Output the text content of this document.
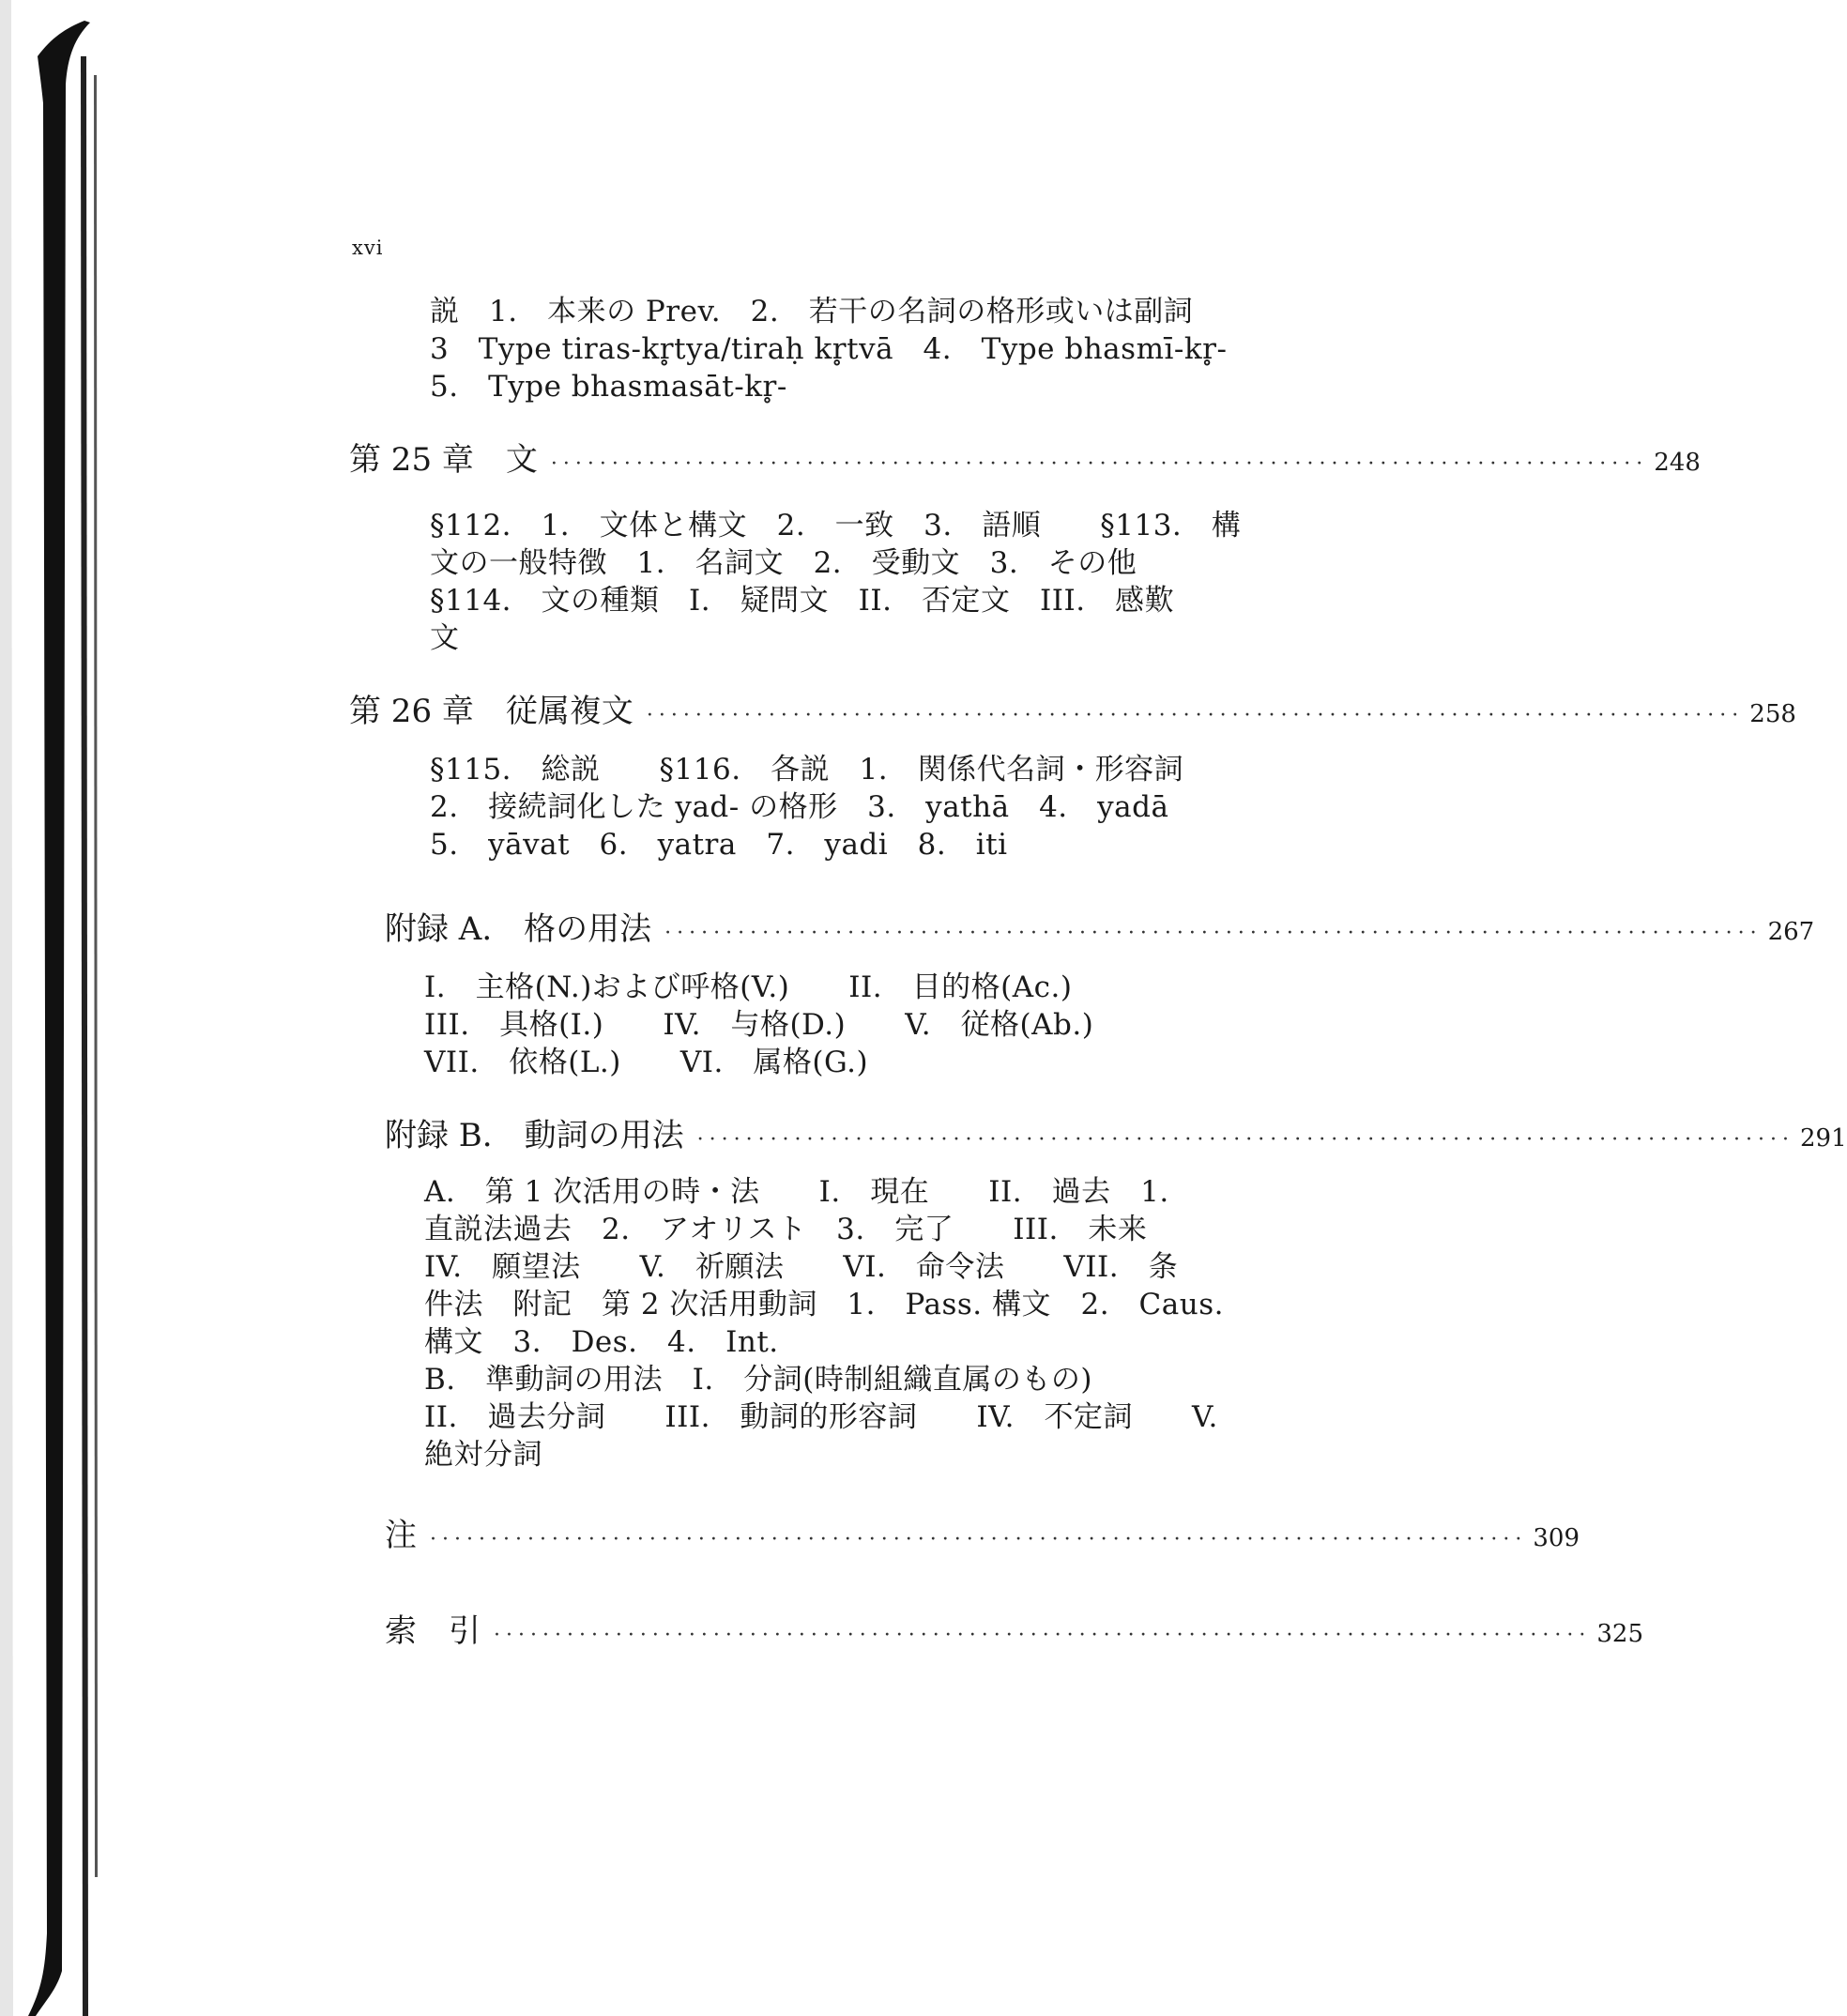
xvi
説　1.　本来の Prev.　2.　若干の名詞の格形或いは副詞
3　Type tiras-kr̥tya/tiraḥ kr̥tvā　4.　Type bhasmī-kr̥-
5.　Type bhasmasāt-kr̥-
第 25 章　文 ·························································································· 248
§112.　1.　文体と構文　2.　一致　3.　語順　　§113.　構
文の一般特徴　1.　名詞文　2.　受動文　3.　その他
§114.　文の種類　I.　疑問文　II.　否定文　III.　感歎
文
第 26 章　従属複文 ·························································································· 258
§115.　総説　　§116.　各説　1.　関係代名詞・形容詞
2.　接続詞化した yad- の格形　3.　yathā　4.　yadā
5.　yāvat　6.　yatra　7.　yadi　8.　iti
附録 A.　格の用法 ·························································································· 267
I.　主格(N.)および呼格(V.)　　II.　目的格(Ac.)
III.　具格(I.)　　IV.　与格(D.)　　V.　従格(Ab.)
VII.　依格(L.)　　VI.　属格(G.)
附録 B.　動詞の用法 ·························································································· 291
A.　第 1 次活用の時・法　　I.　現在　　II.　過去　1.
直説法過去　2.　アオリスト　3.　完了　　III.　未来
IV.　願望法　　V.　祈願法　　VI.　命令法　　VII.　条
件法　附記　第 2 次活用動詞　1.　Pass. 構文　2.　Caus.
構文　3.　Des.　4.　Int.
B.　準動詞の用法　I.　分詞(時制組織直属のもの)
II.　過去分詞　　III.　動詞的形容詞　　IV.　不定詞　　V.
絶対分詞
注 ·························································································· 309
索　引 ·························································································· 325
